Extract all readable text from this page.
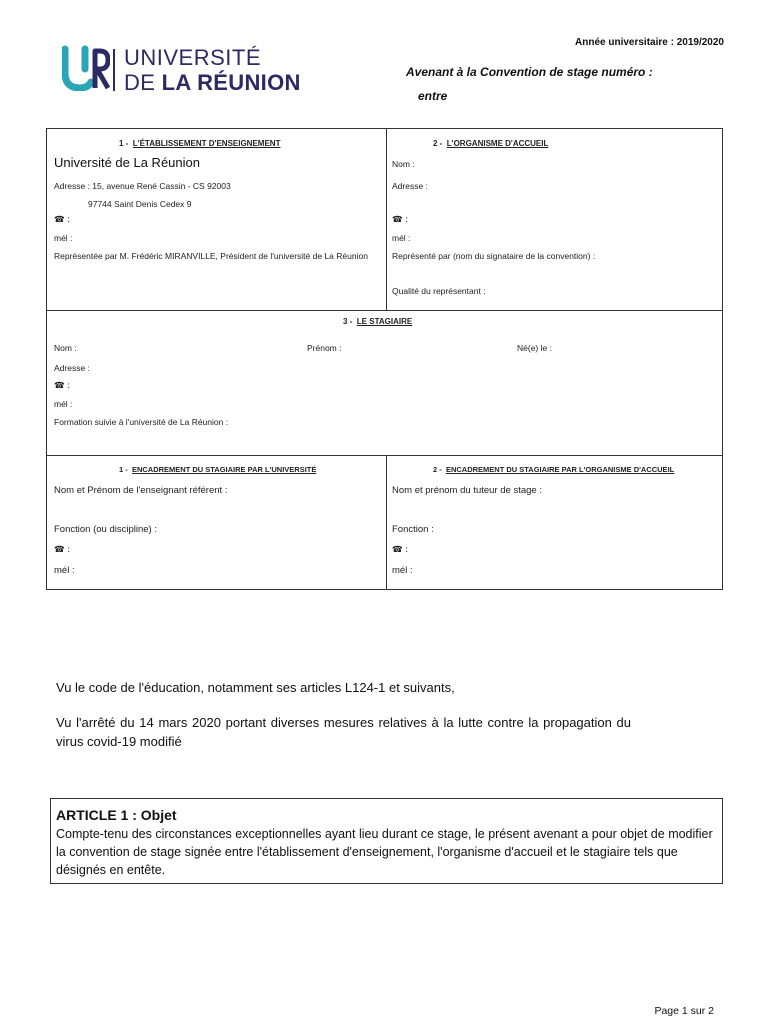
Année universitaire : 2019/2020
UNIVERSITÉ
DE LA RÉUNION	Avenant à la Convention de stage numéro :
entre
1 - L'ÉTABLISSEMENT D'ENSEIGNEMENT
Université de La Réunion
Adresse : 15, avenue René Cassin - CS 92003
97744 Saint Denis Cedex 9
☎ :
mél :
Représentée par M. Frédéric MIRANVILLE, Président de l'université de La Réunion
2 - L'ORGANISME D'ACCUEIL
Nom :
Adresse :
☎ :
mél :
Représenté par (nom du signataire de la convention) :
Qualité du représentant :
3 - LE STAGIAIRE
Nom :	Prénom :	Né(e) le :
Adresse :
☎ :
mél :
Formation suivie à l'université de La Réunion :
1 - ENCADREMENT DU STAGIAIRE PAR L'UNIVERSITÉ
Nom et Prénom de l'enseignant référent :
Fonction (ou discipline) :
☎ :
mél :
2 - ENCADREMENT DU STAGIAIRE PAR L'ORGANISME D'ACCUEIL
Nom et prénom du tuteur de stage :
Fonction :
☎ :
mél :
Vu le code de l'éducation, notamment ses articles L124-1 et suivants,
Vu l'arrêté du 14 mars 2020 portant diverses mesures relatives à la lutte contre la propagation du virus covid-19 modifié
ARTICLE 1 : Objet
Compte-tenu des circonstances exceptionnelles ayant lieu durant ce stage, le présent avenant a pour objet de modifier la convention de stage signée entre l'établissement d'enseignement, l'organisme d'accueil et le stagiaire tels que désignés en entête.
Page 1 sur 2
